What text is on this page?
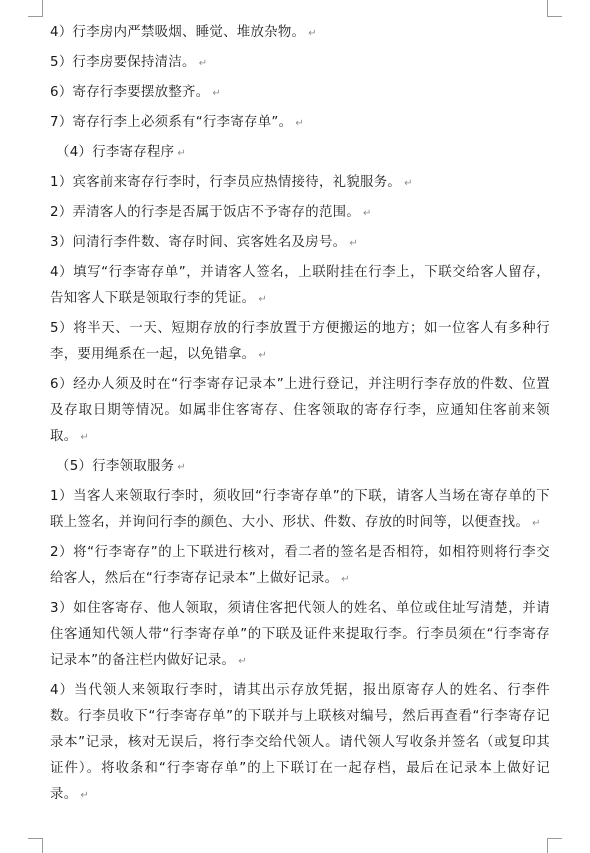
4）行李房内严禁吸烟、睡觉、堆放杂物。 ↵

5）行李房要保持清洁。 ↵

6）寄存行李要摆放整齐。 ↵

7）寄存行李上必须系有“行李寄存单”。 ↵

（4）行李寄存程序 ↵

1）宾客前来寄存行李时，行李员应热情接待，礼貌服务。 ↵

2）弄清客人的行李是否属于饭店不予寄存的范围。 ↵

3）问清行李件数、寄存时间、宾客姓名及房号。 ↵

4）填写“行李寄存单”，并请客人签名，上联附挂在行李上，下联交给客人留存，告知客人下联是领取行李的凭证。 ↵

5）将半天、一天、短期存放的行李放置于方便搬运的地方；如一位客人有多种行李，要用绳系在一起，以免错拿。 ↵

6）经办人须及时在“行李寄存记录本”上进行登记，并注明行李存放的件数、位置及存取日期等情况。如属非住客寄存、住客领取的寄存行李，应通知住客前来领取。 ↵

（5）行李领取服务 ↵

1）当客人来领取行李时，须收回“行李寄存单”的下联，请客人当场在寄存单的下联上签名，并询问行李的颜色、大小、形状、件数、存放的时间等，以便查找。 ↵

2）将“行李寄存”的上下联进行核对，看二者的签名是否相符，如相符则将行李交给客人，然后在“行李寄存记录本”上做好记录。 ↵

3）如住客寄存、他人领取，须请住客把代领人的姓名、单位或住址写清楚，并请住客通知代领人带“行李寄存单”的下联及证件来提取行李。行李员须在“行李寄存记录本”的备注栏内做好记录。 ↵

4）当代领人来领取行李时，请其出示存放凭据，报出原寄存人的姓名、行李件数。行李员收下“行李寄存单”的下联并与上联核对编号，然后再查看“行李寄存记录本”记录，核对无误后，将行李交给代领人。请代领人写收条并签名（或复印其证件）。将收条和“行李寄存单”的上下联订在一起存档，最后在记录本上做好记录。 ↵
